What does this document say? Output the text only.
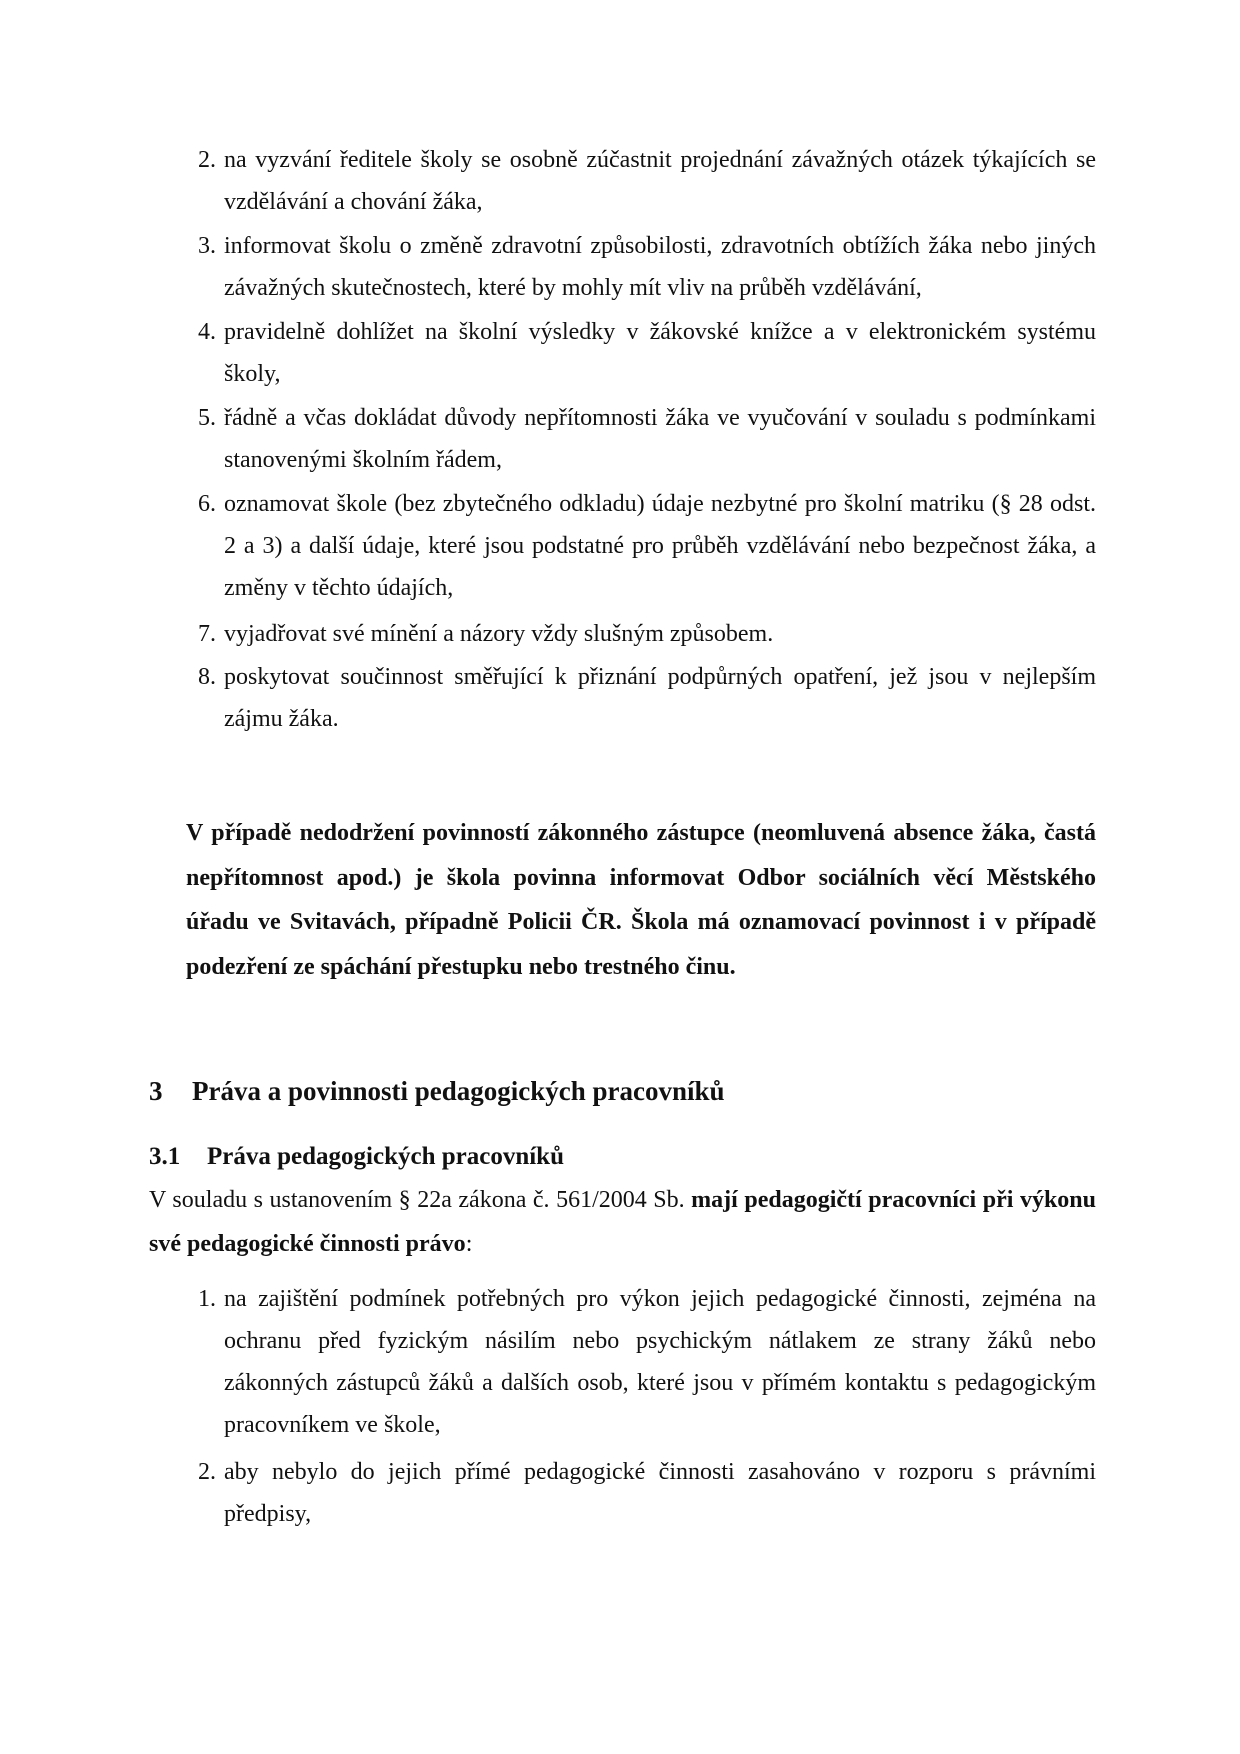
2. na vyzvání ředitele školy se osobně zúčastnit projednání závažných otázek týkajících se vzdělávání a chování žáka,
3. informovat školu o změně zdravotní způsobilosti, zdravotních obtížích žáka nebo jiných závažných skutečnostech, které by mohly mít vliv na průběh vzdělávání,
4. pravidelně dohlížet na školní výsledky v žákovské knížce a v elektronickém systému školy,
5. řádně a včas dokládat důvody nepřítomnosti žáka ve vyučování v souladu s podmínkami stanovenými školním řádem,
6. oznamovat škole (bez zbytečného odkladu) údaje nezbytné pro školní matriku (§ 28 odst. 2 a 3) a další údaje, které jsou podstatné pro průběh vzdělávání nebo bezpečnost žáka, a změny v těchto údajích,
7. vyjadřovat své mínění a názory vždy slušným způsobem.
8. poskytovat součinnost směřující k přiznání podpůrných opatření, jež jsou v nejlepším zájmu žáka.
V případě nedodržení povinností zákonného zástupce (neomluvená absence žáka, častá nepřítomnost apod.) je škola povinna informovat Odbor sociálních věcí Městského úřadu ve Svitavách, případně Policii ČR. Škola má oznamovací povinnost i v případě podezření ze spáchání přestupku nebo trestného činu.
3 Práva a povinnosti pedagogických pracovníků
3.1 Práva pedagogických pracovníků
V souladu s ustanovením § 22a zákona č. 561/2004 Sb. mají pedagogičtí pracovníci při výkonu své pedagogické činnosti právo:
1. na zajištění podmínek potřebných pro výkon jejich pedagogické činnosti, zejména na ochranu před fyzickým násilím nebo psychickým nátlakem ze strany žáků nebo zákonných zástupců žáků a dalších osob, které jsou v přímém kontaktu s pedagogickým pracovníkem ve škole,
2. aby nebylo do jejich přímé pedagogické činnosti zasahováno v rozporu s právními předpisy,
